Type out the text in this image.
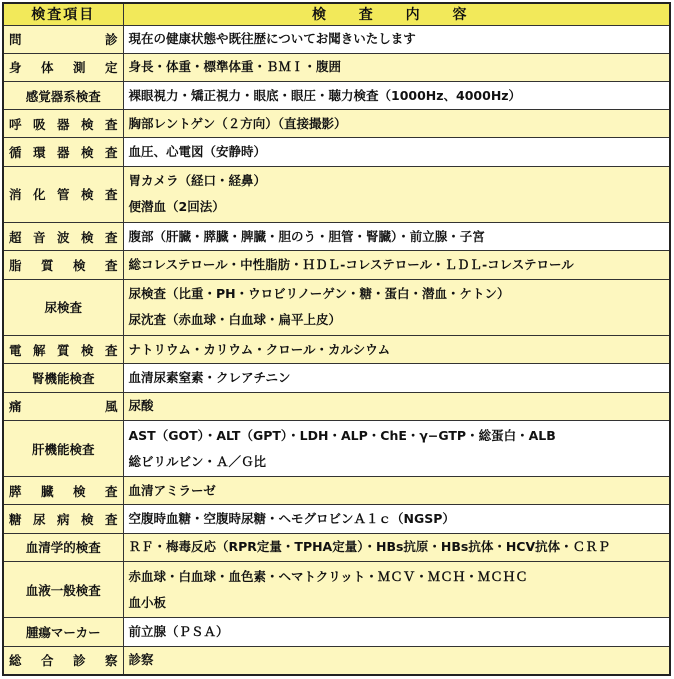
検査項目	検 査 内 容
問　　診	現在の健康状態や既往歴についてお聞きいたします

身体測定	身長・体重・標準体重・ＢＭＩ・腹囲

感覚器系検査	裸眼視力・矯正視力・眼底・眼圧・聴力検査（1000Hz、4000Hz）

呼吸器検査	胸部レントゲン（２方向）（直接撮影）

循環器検査	血圧、心電図（安静時）

消化管検査	胃カメラ（経口・経鼻）
便潜血（2回法）

超音波検査	腹部（肝臓・膵臓・脾臓・胆のう・胆管・腎臓）・前立腺・子宮

脂質検査	総コレステロール・中性脂肪・ＨＤＬ-コレステロール・ＬＤＬ-コレステロール

尿検査	尿検査（比重・PH・ウロビリノーゲン・糖・蛋白・潜血・ケトン）
尿沈査（赤血球・白血球・扁平上皮）

電解質検査	ナトリウム・カリウム・クロール・カルシウム

腎機能検査	血清尿素窒素・クレアチニン

痛　　風	尿酸

肝機能検査	AST（GOT）・ALT（GPT）・LDH・ALP・ChE・γ−GTP・総蛋白・ALB
総ビリルビン・Ａ／Ｇ比

膵臓検査	血清アミラーゼ

糖尿病検査	空腹時血糖・空腹時尿糖・ヘモグロビンＡ１ｃ（NGSP）

血清学的検査	ＲＦ・梅毒反応（RPR定量・TPHA定量）・HBs抗原・HBs抗体・HCV抗体・ＣＲＰ

血液一般検査	赤血球・白血球・血色素・ヘマトクリット・ＭＣＶ・ＭＣＨ・ＭＣＨＣ
血小板

腫瘍マーカー	前立腺（ＰＳＡ）

総合診察	診察
